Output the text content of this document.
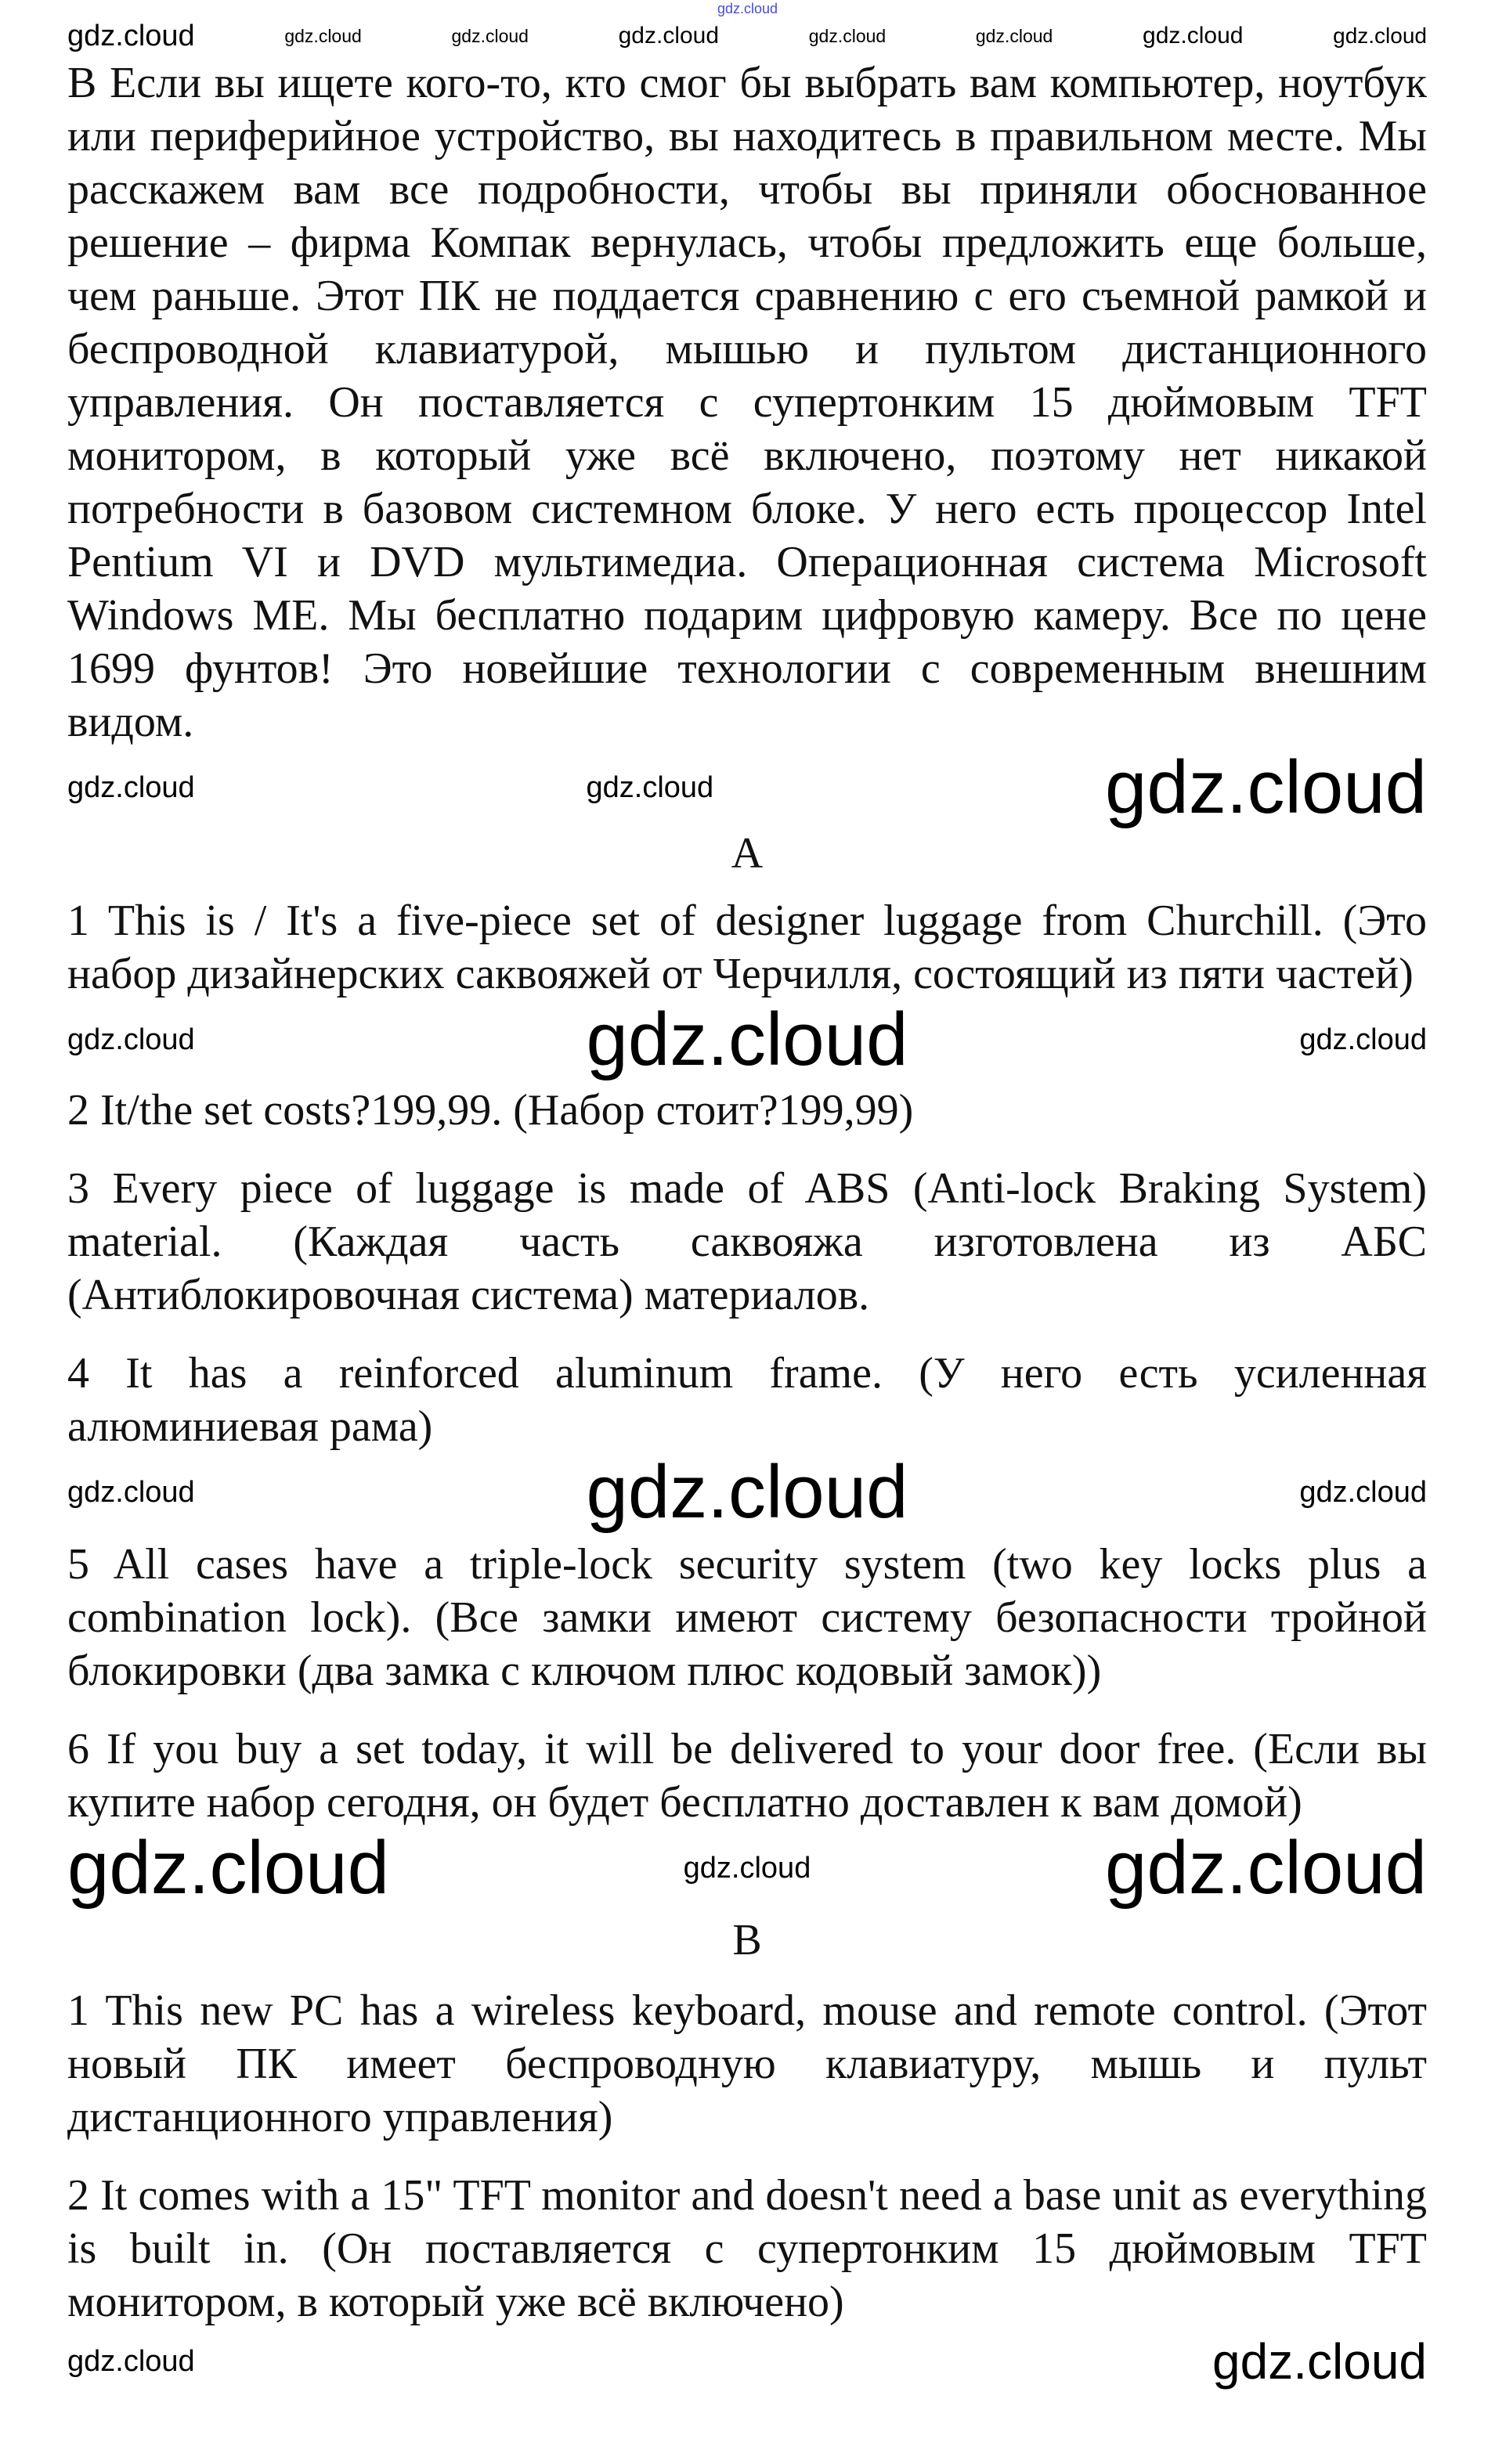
gdz.cloud
gdz.cloud	gdz.cloud	gdz.cloud	gdz.cloud	gdz.cloud	gdz.cloud	gdz.cloud	gdz.cloud

B Если вы ищете кого-то, кто смог бы выбрать вам компьютер, ноутбук или периферийное устройство, вы находитесь в правильном месте. Мы расскажем вам все подробности, чтобы вы приняли обоснованное решение – фирма Компак вернулась, чтобы предложить еще больше, чем раньше. Этот ПК не поддается сравнению с его съемной рамкой и беспроводной клавиатурой, мышью и пультом дистанционного управления. Он поставляется с супертонким 15 дюймовым TFT монитором, в который уже всё включено, поэтому нет никакой потребности в базовом системном блоке. У него есть процессор Intel Pentium VI и DVD мультимедиа. Операционная система Microsoft Windows ME. Мы бесплатно подарим цифровую камеру. Все по цене 1699 фунтов! Это новейшие технологии с современным внешним видом.

gdz.cloud	gdz.cloud	gdz.cloud
A

1 This is / It's a five-piece set of designer luggage from Churchill. (Это набор дизайнерских саквояжей от Черчилля, состоящий из пяти частей)

gdz.cloud	gdz.cloud	gdz.cloud

2 It/the set costs?199,99. (Набор стоит?199,99)

3 Every piece of luggage is made of ABS (Anti-lock Braking System) material. (Каждая часть саквояжа изготовлена из АБС (Антиблокировочная система) материалов.

4 It has a reinforced aluminum frame. (У него есть усиленная алюминиевая рама)

gdz.cloud	gdz.cloud	gdz.cloud

5 All cases have a triple-lock security system (two key locks plus a combination lock). (Все замки имеют систему безопасности тройной блокировки (два замка с ключом плюс кодовый замок))

6 If you buy a set today, it will be delivered to your door free. (Если вы купите набор сегодня, он будет бесплатно доставлен к вам домой)

gdz.cloud	gdz.cloud	gdz.cloud
B

1 This new PC has a wireless keyboard, mouse and remote control. (Этот новый ПК имеет беспроводную клавиатуру, мышь и пульт дистанционного управления)

2 It comes with a 15" TFT monitor and doesn't need a base unit as everything is built in. (Он поставляется с супертонким 15 дюймовым TFT монитором, в который уже всё включено)

gdz.cloud	gdz.cloud
